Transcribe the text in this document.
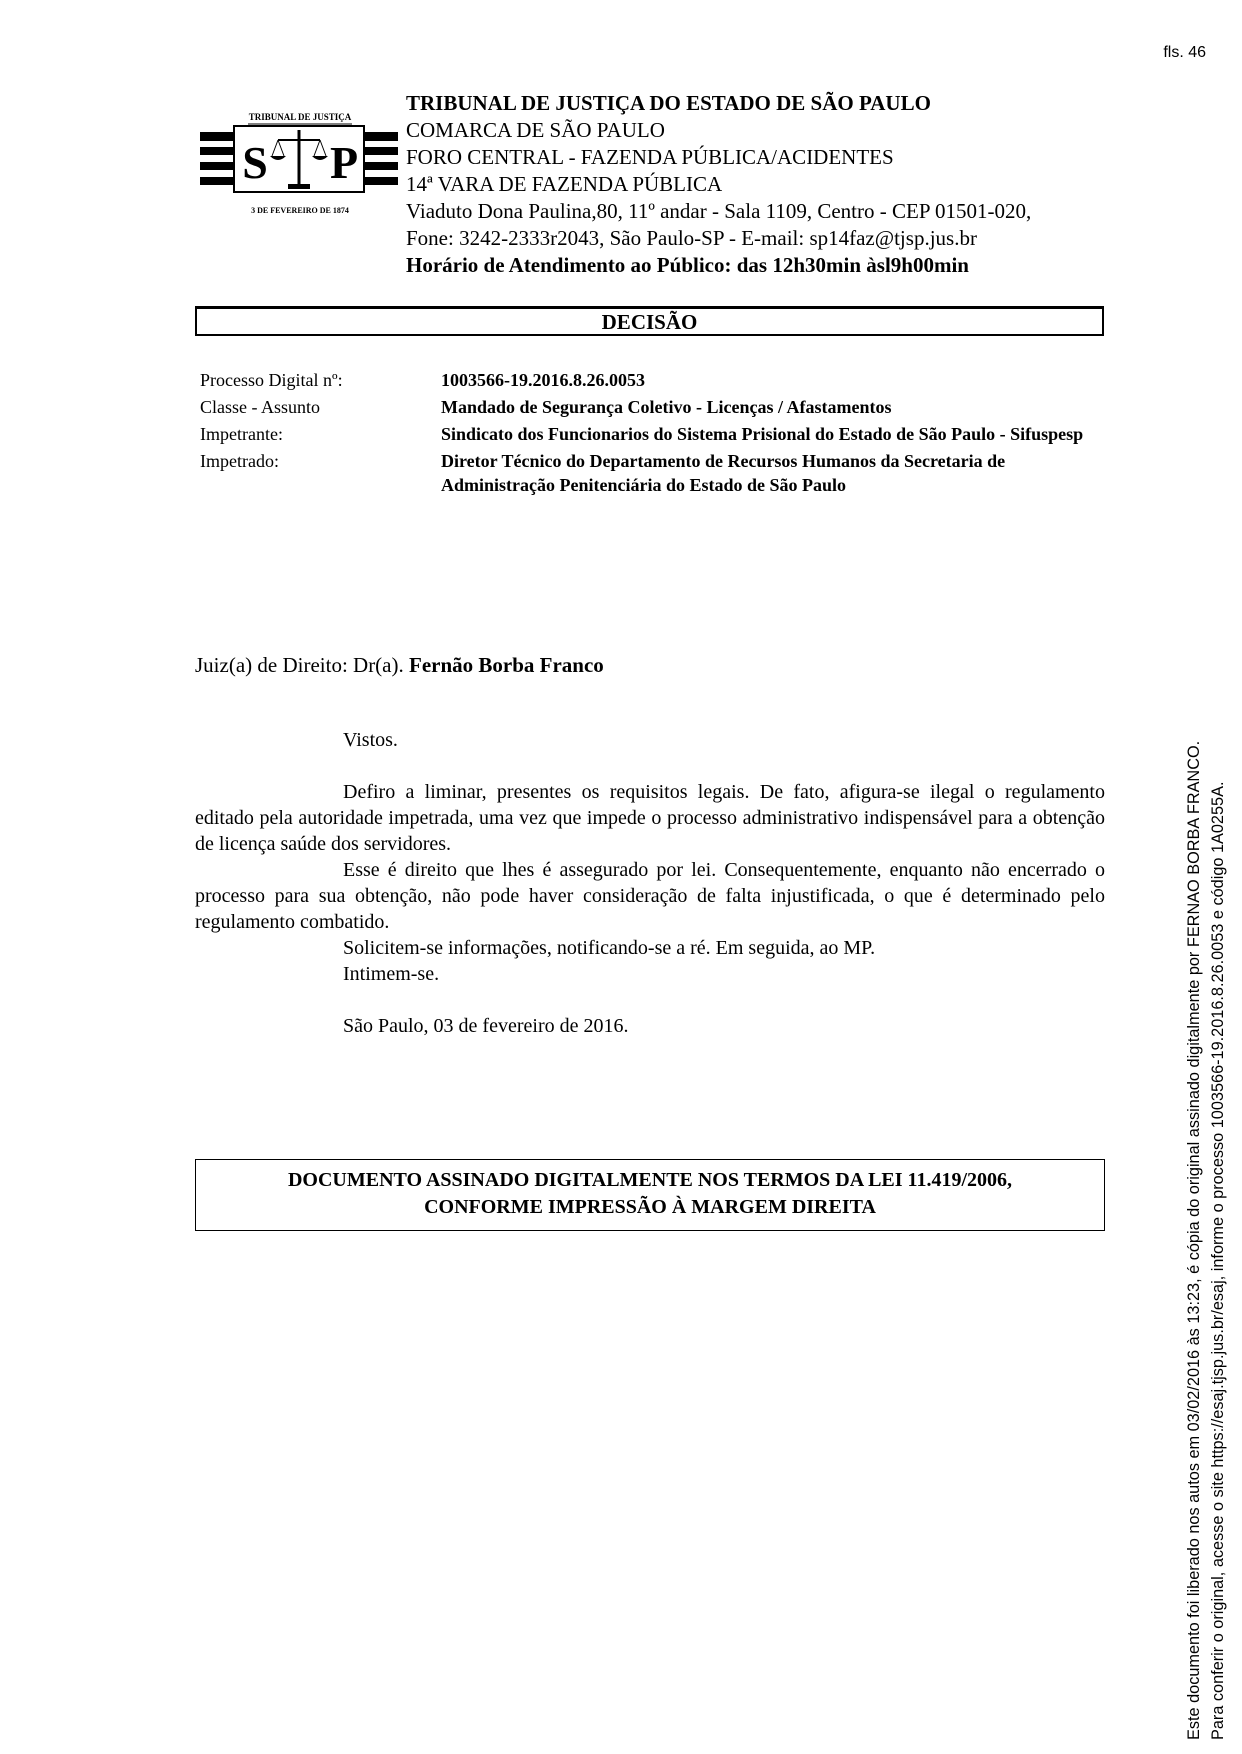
fls. 46
TRIBUNAL DE JUSTIÇA
S P
3 DE FEVEREIRO DE 1874
TRIBUNAL DE JUSTIÇA DO ESTADO DE SÃO PAULO
COMARCA DE SÃO PAULO
FORO CENTRAL - FAZENDA PÚBLICA/ACIDENTES
14ª VARA DE FAZENDA PÚBLICA
Viaduto Dona Paulina,80, 11º andar - Sala 1109, Centro - CEP 01501-020,
Fone: 3242-2333r2043, São Paulo-SP - E-mail: sp14faz@tjsp.jus.br
Horário de Atendimento ao Público: das 12h30min àsl9h00min
DECISÃO
Processo Digital nº:	1003566-19.2016.8.26.0053
Classe - Assunto	Mandado de Segurança Coletivo - Licenças / Afastamentos
Impetrante:	Sindicato dos Funcionarios do Sistema Prisional do Estado de São Paulo - Sifuspesp
Impetrado:	Diretor Técnico do Departamento de Recursos Humanos da Secretaria de Administração Penitenciária do Estado de São Paulo
Juiz(a) de Direito: Dr(a). Fernão Borba Franco

Vistos.

Defiro a liminar, presentes os requisitos legais. De fato, afigura-se ilegal o regulamento editado pela autoridade impetrada, uma vez que impede o processo administrativo indispensável para a obtenção de licença saúde dos servidores.

Esse é direito que lhes é assegurado por lei. Consequentemente, enquanto não encerrado o processo para sua obtenção, não pode haver consideração de falta injustificada, o que é determinado pelo regulamento combatido.

Solicitem-se informações, notificando-se a ré. Em seguida, ao MP.

Intimem-se.

São Paulo, 03 de fevereiro de 2016.

DOCUMENTO ASSINADO DIGITALMENTE NOS TERMOS DA LEI 11.419/2006,
CONFORME IMPRESSÃO À MARGEM DIREITA	Este documento foi liberado nos autos em 03/02/2016 às 13:23, é cópia do original assinado digitalmente por FERNAO BORBA FRANCO. Para conferir o original, acesse o site https://esaj.tjsp.jus.br/esaj, informe o processo 1003566-19.2016.8.26.0053 e código 1A0255A.
